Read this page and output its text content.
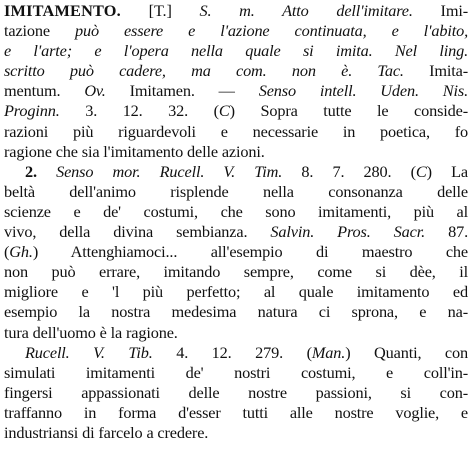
IMITAMENTO. [T.] S. m. Atto dell'imitare. Imi-
tazione può essere e l'azione continuata, e l'abito,
e l'arte; e l'opera nella quale si imita. Nel ling.
scritto può cadere, ma com. non è. Tac. Imita-
mentum. Ov. Imitamen. — Senso intell. Uden. Nis.
Proginn. 3. 12. 32. (C) Sopra tutte le conside-
razioni più riguardevoli e necessarie in poetica, fo
ragione che sia l'imitamento delle azioni.
2. Senso mor. Rucell. V. Tim. 8. 7. 280. (C) La
beltà dell'animo risplende nella consonanza delle
scienze e de' costumi, che sono imitamenti, più al
vivo, della divina sembianza. Salvin. Pros. Sacr. 87.
(Gh.) Attenghiamoci... all'esempio di maestro che
non può errare, imitando sempre, come si dèe, il
migliore e 'l più perfetto; al quale imitamento ed
esempio la nostra medesima natura ci sprona, e na-
tura dell'uomo è la ragione.
Rucell. V. Tib. 4. 12. 279. (Man.) Quanti, con
simulati imitamenti de' nostri costumi, e coll'in-
fingersi appassionati delle nostre passioni, si con-
traffanno in forma d'esser tutti alle nostre voglie, e
industriansi di farcelo a credere.
